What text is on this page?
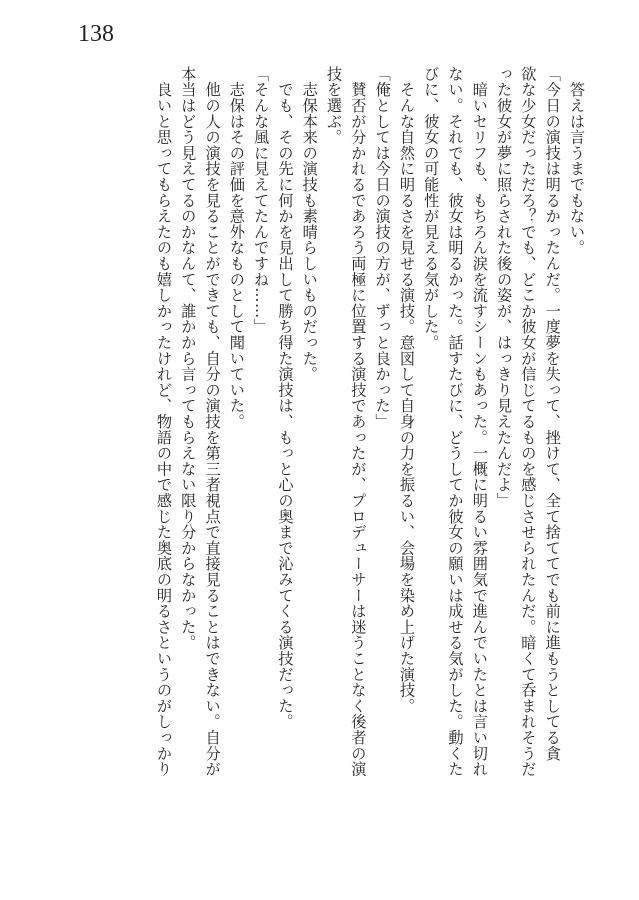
138

　答えは言うまでもない。

「今日の演技は明るかったんだ。一度夢を失って、挫けて、全て捨ててでも前に進もうとしてる貪

欲な少女だっただろ？でも、どこか彼女が信じてるものを感じさせられたんだ。暗くて呑まれそうだ

った彼女が夢に照らされた後の姿が、はっきり見えたんだよ」

　暗いセリフも、もちろん涙を流すシーンもあった。一概に明るい雰囲気で進んでいたとは言い切れ

ない。それでも、彼女は明るかった。話すたびに、どうしてか彼女の願いは成せる気がした。動くた

びに、彼女の可能性が見える気がした。

　そんな自然に明るさを見せる演技。意図して自身の力を振るい、会場を染め上げた演技。

「俺としては今日の演技の方が、ずっと良かった」

　賛否が分かれるであろう両極に位置する演技であったが、プロデューサーは迷うことなく後者の演

技を選ぶ。

　志保本来の演技も素晴らしいものだった。

　でも、その先に何かを見出して勝ち得た演技は、もっと心の奥まで沁みてくる演技だった。

「そんな風に見えてたんですね……」

　志保はその評価を意外なものとして聞いていた。

　他の人の演技を見ることができても、自分の演技を第三者視点で直接見ることはできない。自分が

本当はどう見えてるのかなんて、誰かから言ってもらえない限り分からなかった。

　良いと思ってもらえたのも嬉しかったけれど、物語の中で感じた奥底の明るさというのがしっかり
